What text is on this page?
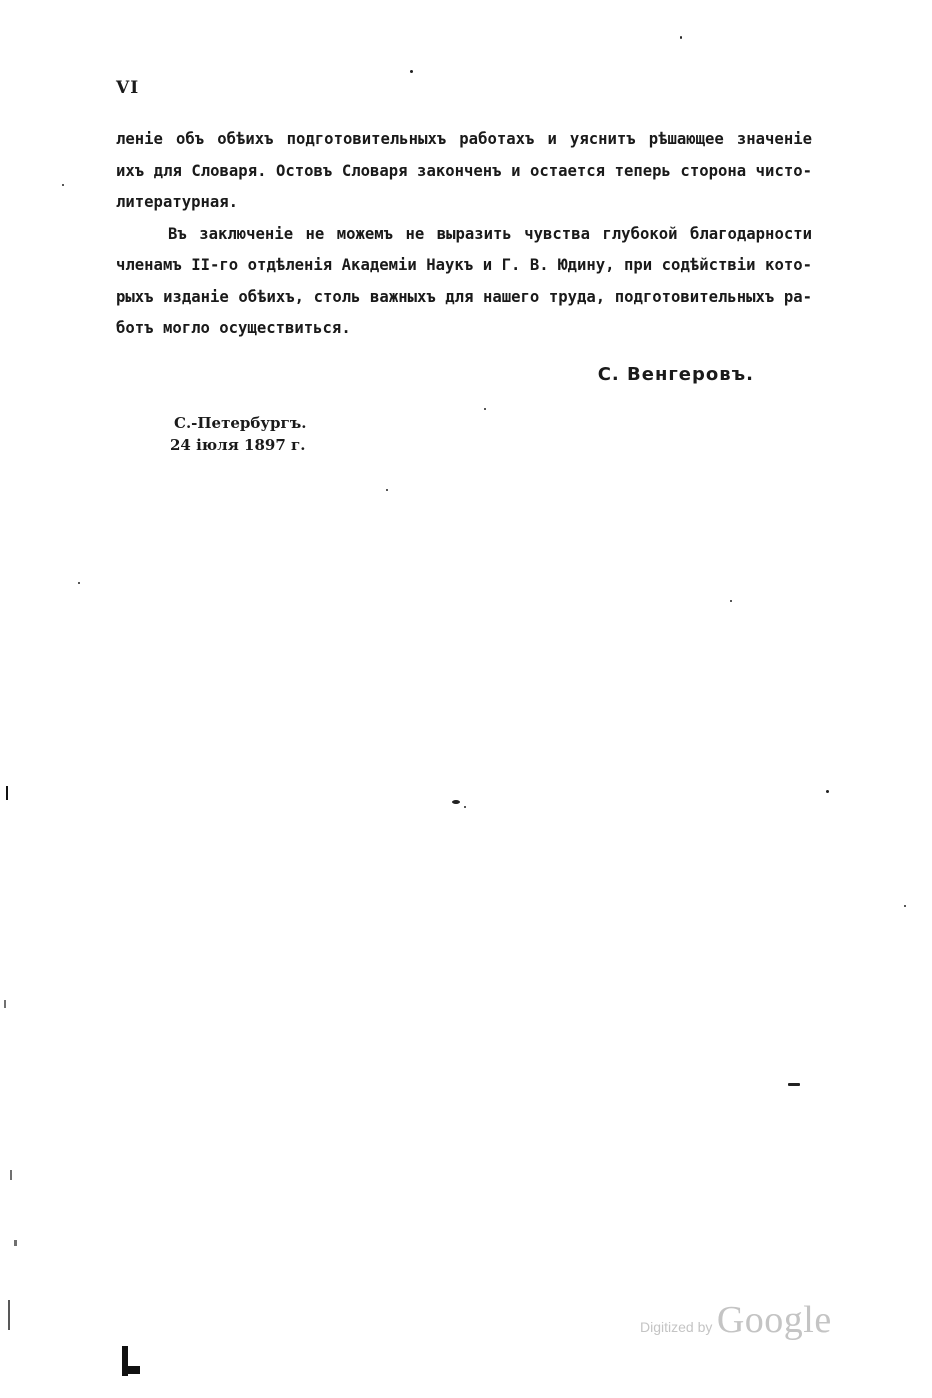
VI
леніе объ обѣихъ подготовительныхъ работахъ и уяснитъ рѣшающее значеніе
ихъ для Словаря. Остовъ Словаря законченъ и остается теперь сторона чисто-
литературная.
Въ заключеніе не можемъ не выразить чувства глубокой благодарности
членамъ II-го отдѣленія Академіи Наукъ и Г. В. Юдину, при содѣйствіи кото-
рыхъ изданіе обѣихъ, столь важныхъ для нашего труда, подготовительныхъ ра-
ботъ могло осуществиться.
С. Венгеровъ.
С.-Петербургъ.
24 іюля 1897 г.
Digitized by Google
